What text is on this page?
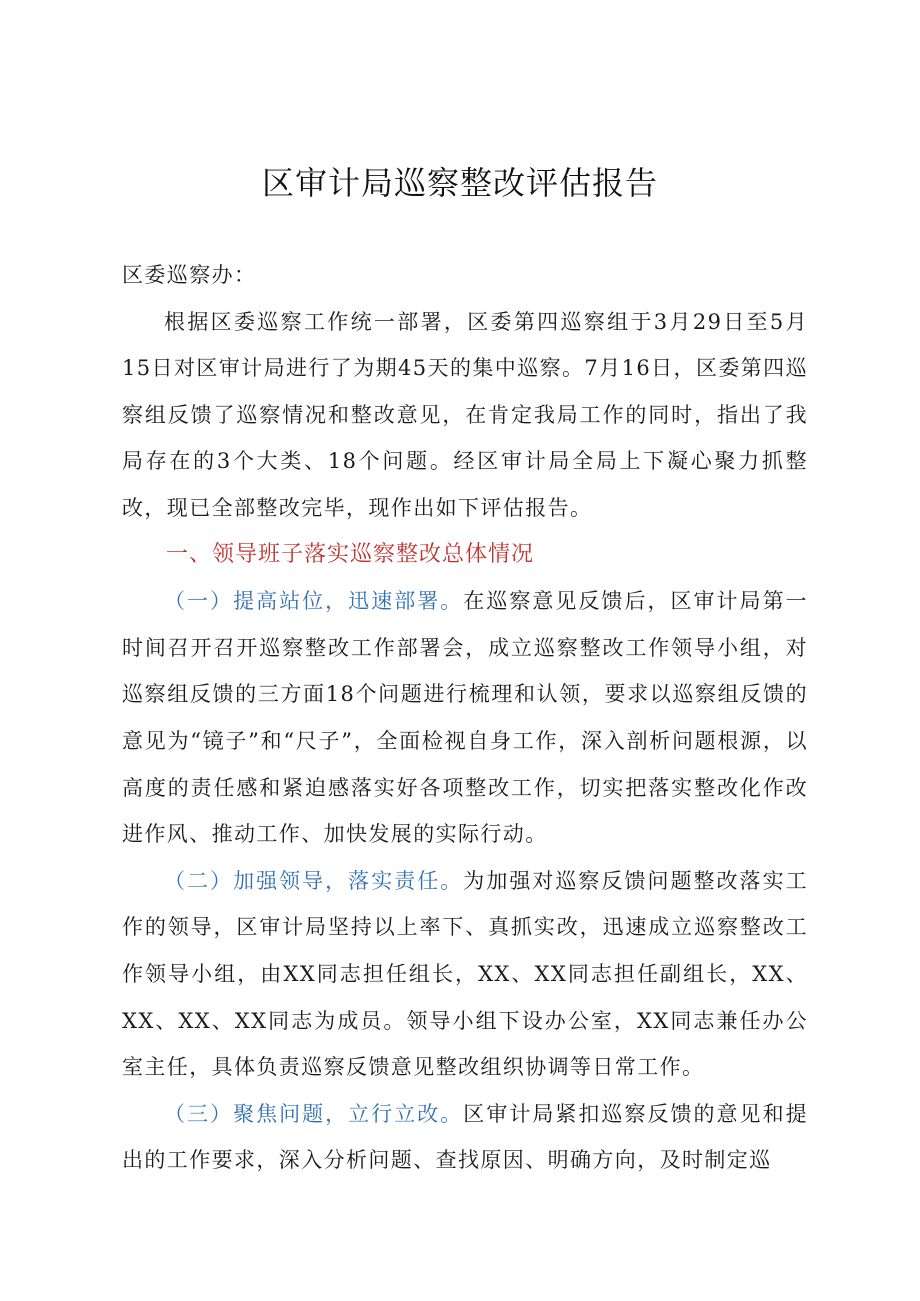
区审计局巡察整改评估报告

区委巡察办：

根据区委巡察工作统一部署，区委第四巡察组于3月29日至5月15日对区审计局进行了为期45天的集中巡察。7月16日，区委第四巡察组反馈了巡察情况和整改意见，在肯定我局工作的同时，指出了我局存在的3个大类、18个问题。经区审计局全局上下凝心聚力抓整改，现已全部整改完毕，现作出如下评估报告。

一、领导班子落实巡察整改总体情况

（一）提高站位，迅速部署。在巡察意见反馈后，区审计局第一时间召开召开巡察整改工作部署会，成立巡察整改工作领导小组，对巡察组反馈的三方面18个问题进行梳理和认领，要求以巡察组反馈的意见为“镜子”和“尺子”，全面检视自身工作，深入剖析问题根源，以高度的责任感和紧迫感落实好各项整改工作，切实把落实整改化作改进作风、推动工作、加快发展的实际行动。

（二）加强领导，落实责任。为加强对巡察反馈问题整改落实工作的领导，区审计局坚持以上率下、真抓实改，迅速成立巡察整改工作领导小组，由XX同志担任组长，XX、XX同志担任副组长，XX、XX、XX、XX同志为成员。领导小组下设办公室，XX同志兼任办公室主任，具体负责巡察反馈意见整改组织协调等日常工作。

（三）聚焦问题，立行立改。区审计局紧扣巡察反馈的意见和提出的工作要求，深入分析问题、查找原因、明确方向，及时制定巡
